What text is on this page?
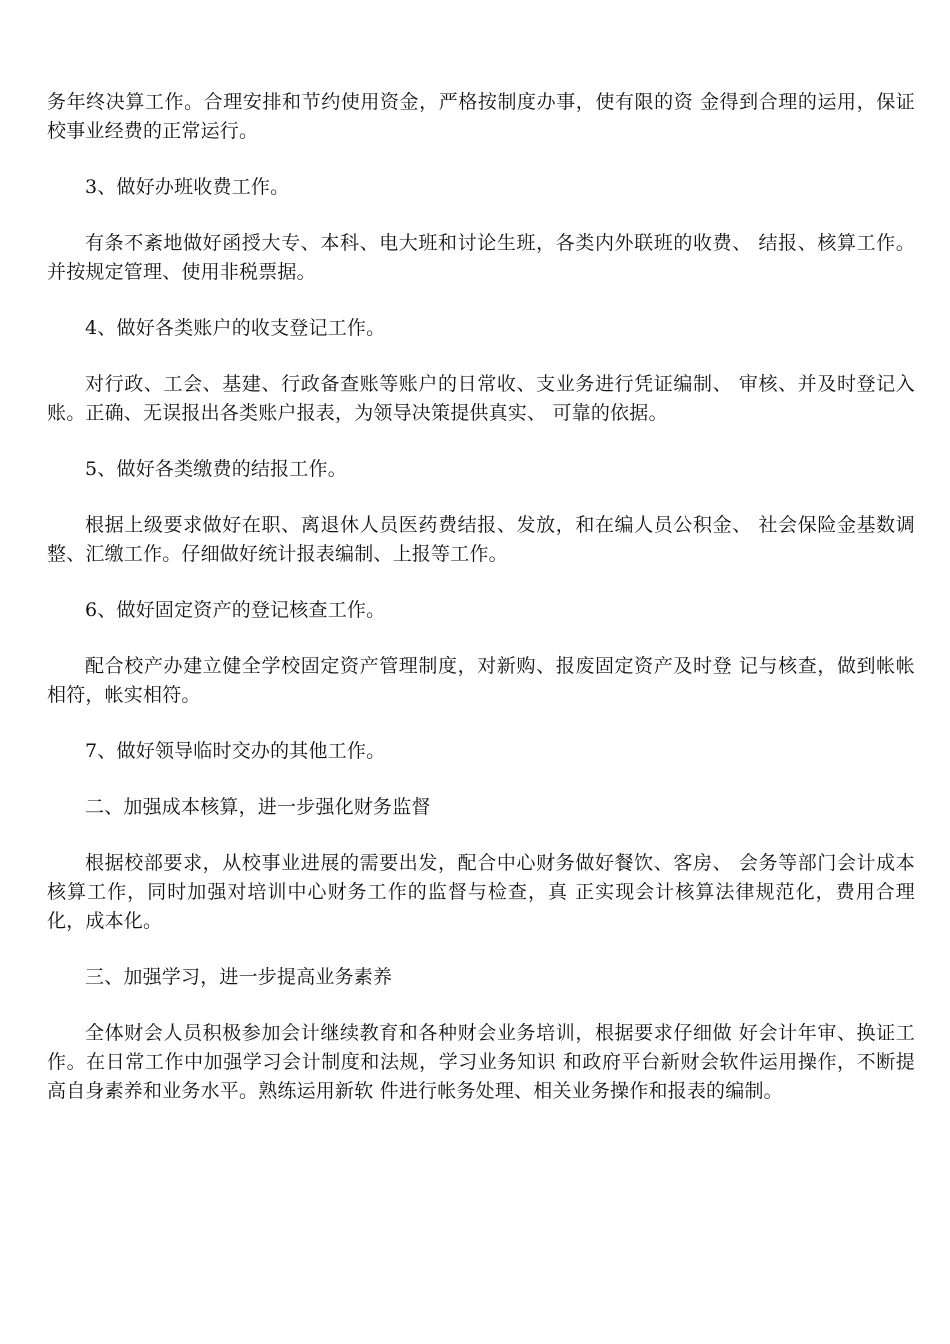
务年终决算工作。合理安排和节约使用资金，严格按制度办事，使有限的资 金得到合理的运用，保证校事业经费的正常运行。

3、做好办班收费工作。

有条不紊地做好函授大专、本科、电大班和讨论生班，各类内外联班的收费、 结报、核算工作。并按规定管理、使用非税票据。

4、做好各类账户的收支登记工作。

对行政、工会、基建、行政备查账等账户的日常收、支业务进行凭证编制、 审核、并及时登记入账。正确、无误报出各类账户报表，为领导决策提供真实、 可靠的依据。

5、做好各类缴费的结报工作。

根据上级要求做好在职、离退休人员医药费结报、发放，和在编人员公积金、 社会保险金基数调整、汇缴工作。仔细做好统计报表编制、上报等工作。

6、做好固定资产的登记核查工作。

配合校产办建立健全学校固定资产管理制度，对新购、报废固定资产及时登 记与核查，做到帐帐相符，帐实相符。

7、做好领导临时交办的其他工作。

二、加强成本核算，进一步强化财务监督

根据校部要求，从校事业进展的需要出发，配合中心财务做好餐饮、客房、 会务等部门会计成本核算工作，同时加强对培训中心财务工作的监督与检查，真 正实现会计核算法律规范化，费用合理化，成本化。

三、加强学习，进一步提高业务素养

全体财会人员积极参加会计继续教育和各种财会业务培训，根据要求仔细做 好会计年审、换证工作。在日常工作中加强学习会计制度和法规，学习业务知识 和政府平台新财会软件运用操作，不断提高自身素养和业务水平。熟练运用新软 件进行帐务处理、相关业务操作和报表的编制。
